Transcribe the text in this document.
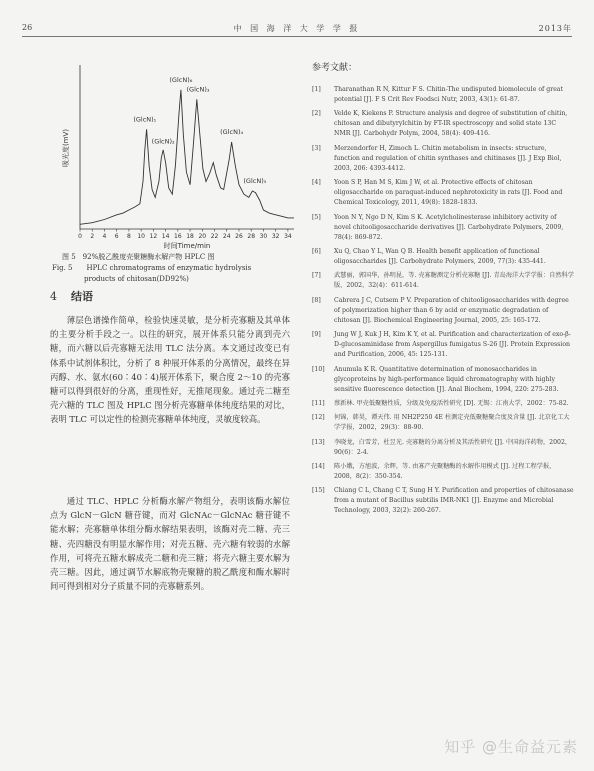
26	中 国 海 洋 大 学 学 报	2013年
0 2 4 6 8 10 12 14 16 18 20 22 24 26 28 30 32 34
(GlcN)₁
(GlcN)₂
(GlcN)₆
(GlcN)₃
(GlcN)₄
(GlcN)₅
时间Time/min
吸光度(mV)
图 5　92%脱乙酰度壳聚糖酶水解产物 HPLC 图
Fig. 5　　HPLC chromatograms of enzymatic hydrolysis
products of chitosan(DD92%)
4 结语

薄层色谱操作简单，检验快速灵敏，是分析壳寡糖及其单体的主要分析手段之一。以往的研究，展开体系只能分离到壳六糖，而六糖以后壳寡糖无法用 TLC 法分离。本文通过改变已有体系中试剂体积比，分析了 8 种展开体系的分离情况，最终在异丙醇、水、氨水(60∶40∶4)展开体系下，聚合度 2～10 的壳寡糖可以得到很好的分离，重现性好，无推尾现象。通过壳二糖至壳六糖的 TLC 图及 HPLC 图分析壳寡糖单体纯度结果的对比，表明 TLC 可以定性的检测壳寡糖单体纯度，灵敏度较高。

通过 TLC、HPLC 分析酶水解产物组分，表明该酶水解位点为 GlcN－GlcN 糖苷键，而对 GlcNAc－GlcNAc 糖苷键不能水解；壳寡糖单体组分酶水解结果表明，该酶对壳二糖、壳三糖、壳四糖没有明显水解作用；对壳五糖、壳六糖有较弱的水解作用，可将壳五糖水解成壳二糖和壳三糖；将壳六糖主要水解为壳三糖。因此，通过调节水解底物壳聚糖的脱乙酰度和酶水解时间可得到相对分子质量不同的壳寡糖系列。

参考文献：
[1] Tharanathan R N, Kittur F S. Chitin-The undisputed biomolecule of great potential [J]. F S Crit Rev Foodsci Nutr, 2003, 43(1): 61-87.
[2] Velde K, Kiekens P. Structure analysis and degree of substitution of chitin, chitosan and dibutyrylchitin by FT-IR spectroscopy and solid state 13C NMR [J]. Carbohydr Polym, 2004, 58(4): 409-416.
[3] Merzendorfer H, Zimoch L. Chitin metabolism in insects: structure, function and regulation of chitin synthases and chitinases [J]. J Exp Biol, 2003, 206: 4393-4412.
[4] Yoon S P, Han M S, Kim J W, et al. Protective effects of chitosan oligosaccharide on paraquat-induced nephrotoxicity in rats [J]. Food and Chemical Toxicology, 2011, 49(8): 1828-1833.
[5] Yoon N Y, Ngo D N, Kim S K. Acetylcholinesterase inhibitory activity of novel chitooligosaccharide derivatives [J]. Carbohydrate Polymers, 2009, 78(4): 869-872.
[6] Xu Q, Chao Y L, Wan Q B. Health benefit application of functional oligosaccharides [J]. Carbohydrate Polymers, 2009, 77(3): 435-441.
[7] 武慧丽，郭国华，孙明昆，等. 壳寡糖测定分析壳寡糖 [J]. 青岛海洋大学学报：自然科学版，2002，32(4)：611-614.
[8] Cabrera J C, Cutsem P V. Preparation of chitooligosaccharides with degree of polymerization higher than 6 by acid or enzymatic degradation of chitosan [J]. Biochemical Engineering Journal, 2005, 25: 165-172.
[9] Jung W J, Kuk J H, Kim K Y, et al. Purification and characterization of exo-β-D-glucosaminidase from Aspergillus fumigatus S-26 [J]. Protein Expression and Purification, 2006, 45: 125-131.
[10] Anumula K R. Quantitative determination of monosaccharides in glycoproteins by high-performance liquid chromatography with highly sensitive fluorescence detection [J]. Anal Biochem, 1994, 220: 275-283.
[11] 蔡新林. 甲壳低聚糖性质，分级及免疫活性研究 [D]. 无锡：江南大学，2002：75-82.
[12] 何锦，韩昊，谭天伟. 用 NH2P250 4E 柱测定壳低聚糖聚合度及含量 [J]. 北京化工大学学报，2002，29(3)：88-90.
[13] 李晓龙，白雪芳，杜昱光. 壳寡糖的分离分析及其活性研究 [J]. 中国海洋药物，2002，90(6)：2-4.
[14] 陈小娥，方旭波，余辉，等. 由寡产壳聚糖酶的水解作用模式 [J]. 过程工程学报，2008，8(2)：350-354.
[15] Chiang C L, Chang C T, Sung H Y. Purification and properties of chitosanase from a mutant of Bacillus subtilis IMR-NK1 [J]. Enzyme and Microbial Technology, 2003, 32(2): 260-267.
知乎 @生命益元素
